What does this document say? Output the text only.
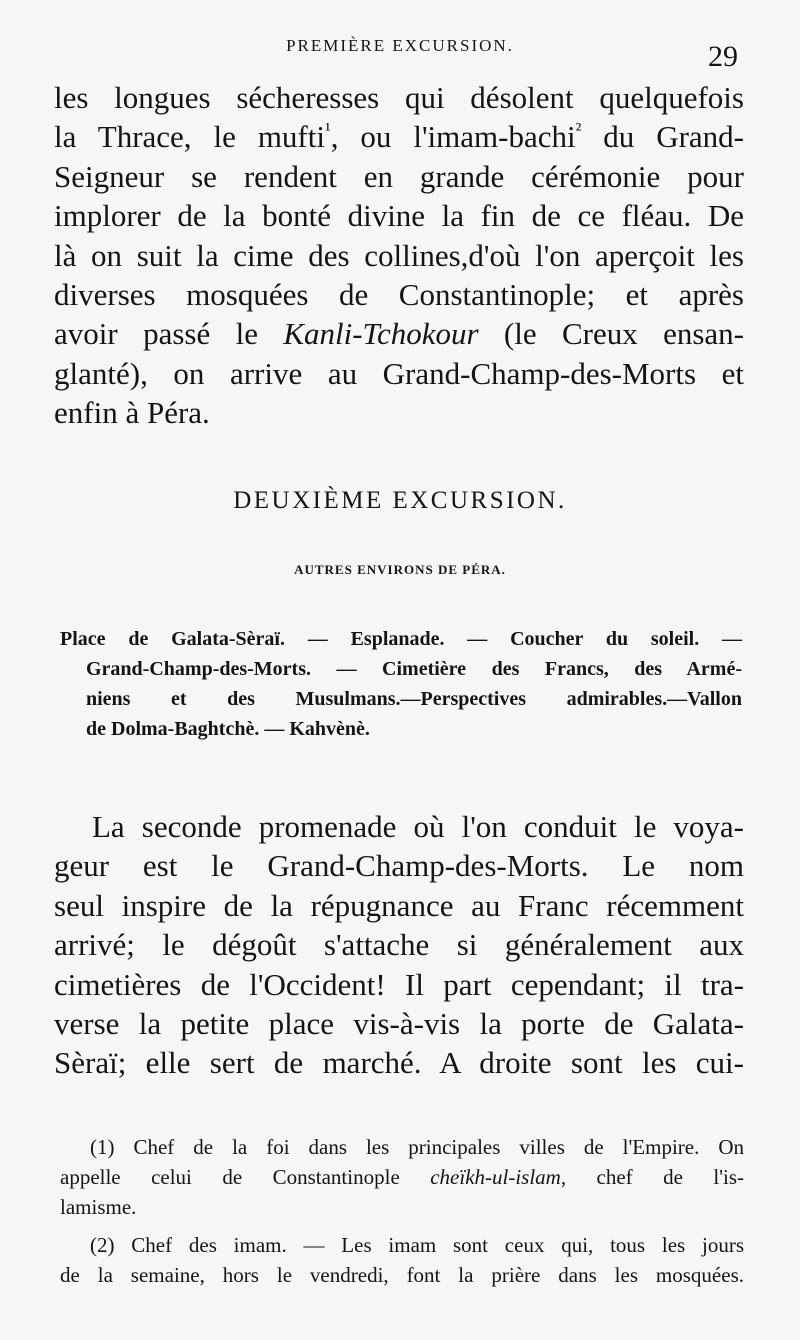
PREMIÈRE EXCURSION.	29
les longues sécheresses qui désolent quelquefois
la Thrace, le mufti$^{^1}$, ou l'imam-bachi$^{^2}$ du Grand-
Seigneur se rendent en grande cérémonie pour
implorer de la bonté divine la fin de ce fléau. De
là on suit la cime des collines,d'où l'on aperçoit les
diverses mosquées de Constantinople; et après
avoir passé le Kanli-Tchokour (le Creux ensan-
glanté), on arrive au Grand-Champ-des-Morts et
enfin à Péra.
DEUXIÈME EXCURSION.
AUTRES ENVIRONS DE PÉRA.
Place de Galata-Sèraï. — Esplanade. — Coucher du soleil. —
Grand-Champ-des-Morts. — Cimetière des Francs, des Armé-
niens et des Musulmans.—Perspectives admirables.—Vallon
de Dolma-Baghtchè. — Kahvènè.
La seconde promenade où l'on conduit le voya-
geur est le Grand-Champ-des-Morts. Le nom
seul inspire de la répugnance au Franc récemment
arrivé; le dégoût s'attache si généralement aux
cimetières de l'Occident! Il part cependant; il tra-
verse la petite place vis-à-vis la porte de Galata-
Sèraï; elle sert de marché. A droite sont les cui-
(1) Chef de la foi dans les principales villes de l'Empire. On
appelle celui de Constantinople cheïkh-ul-islam, chef de l'is-
lamisme.
(2) Chef des imam. — Les imam sont ceux qui, tous les jours
de la semaine, hors le vendredi, font la prière dans les mosquées.
